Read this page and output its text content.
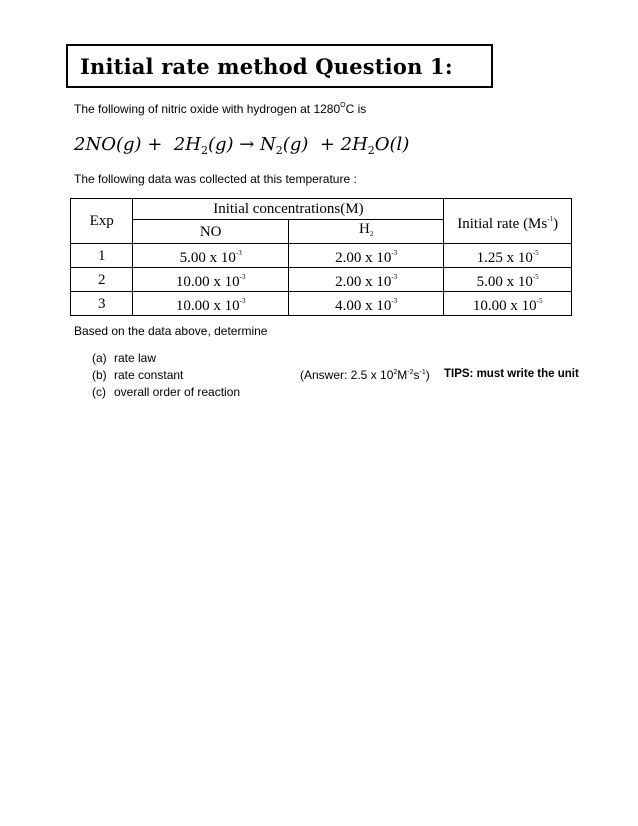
Initial rate method Question 1:
The following of nitric oxide with hydrogen at $1280^OC$ is
$2NO(g) + 2H_2(g) \to N_2(g) + 2H_2O(l)$
The following data was collected at this temperature :
Exp	Initial concentrations(M)		Initial rate $(Ms^{-1})$
	NO	$H_2$
1	5.00 x $10^{-3}$	2.00 x $10^{-3}$	1.25 x $10^{-5}$
2	10.00 x $10^{-3}$	2.00 x $10^{-3}$	5.00 x $10^{-5}$
3	10.00 x $10^{-3}$	4.00 x $10^{-3}$	10.00 x $10^{-5}$
Based on the data above, determine
(a) rate law
(b) rate constant
(c) overall order of reaction
(Answer: 2.5 x $10^2M^{-2}s^{-1}$) TIPS: must write the unit
